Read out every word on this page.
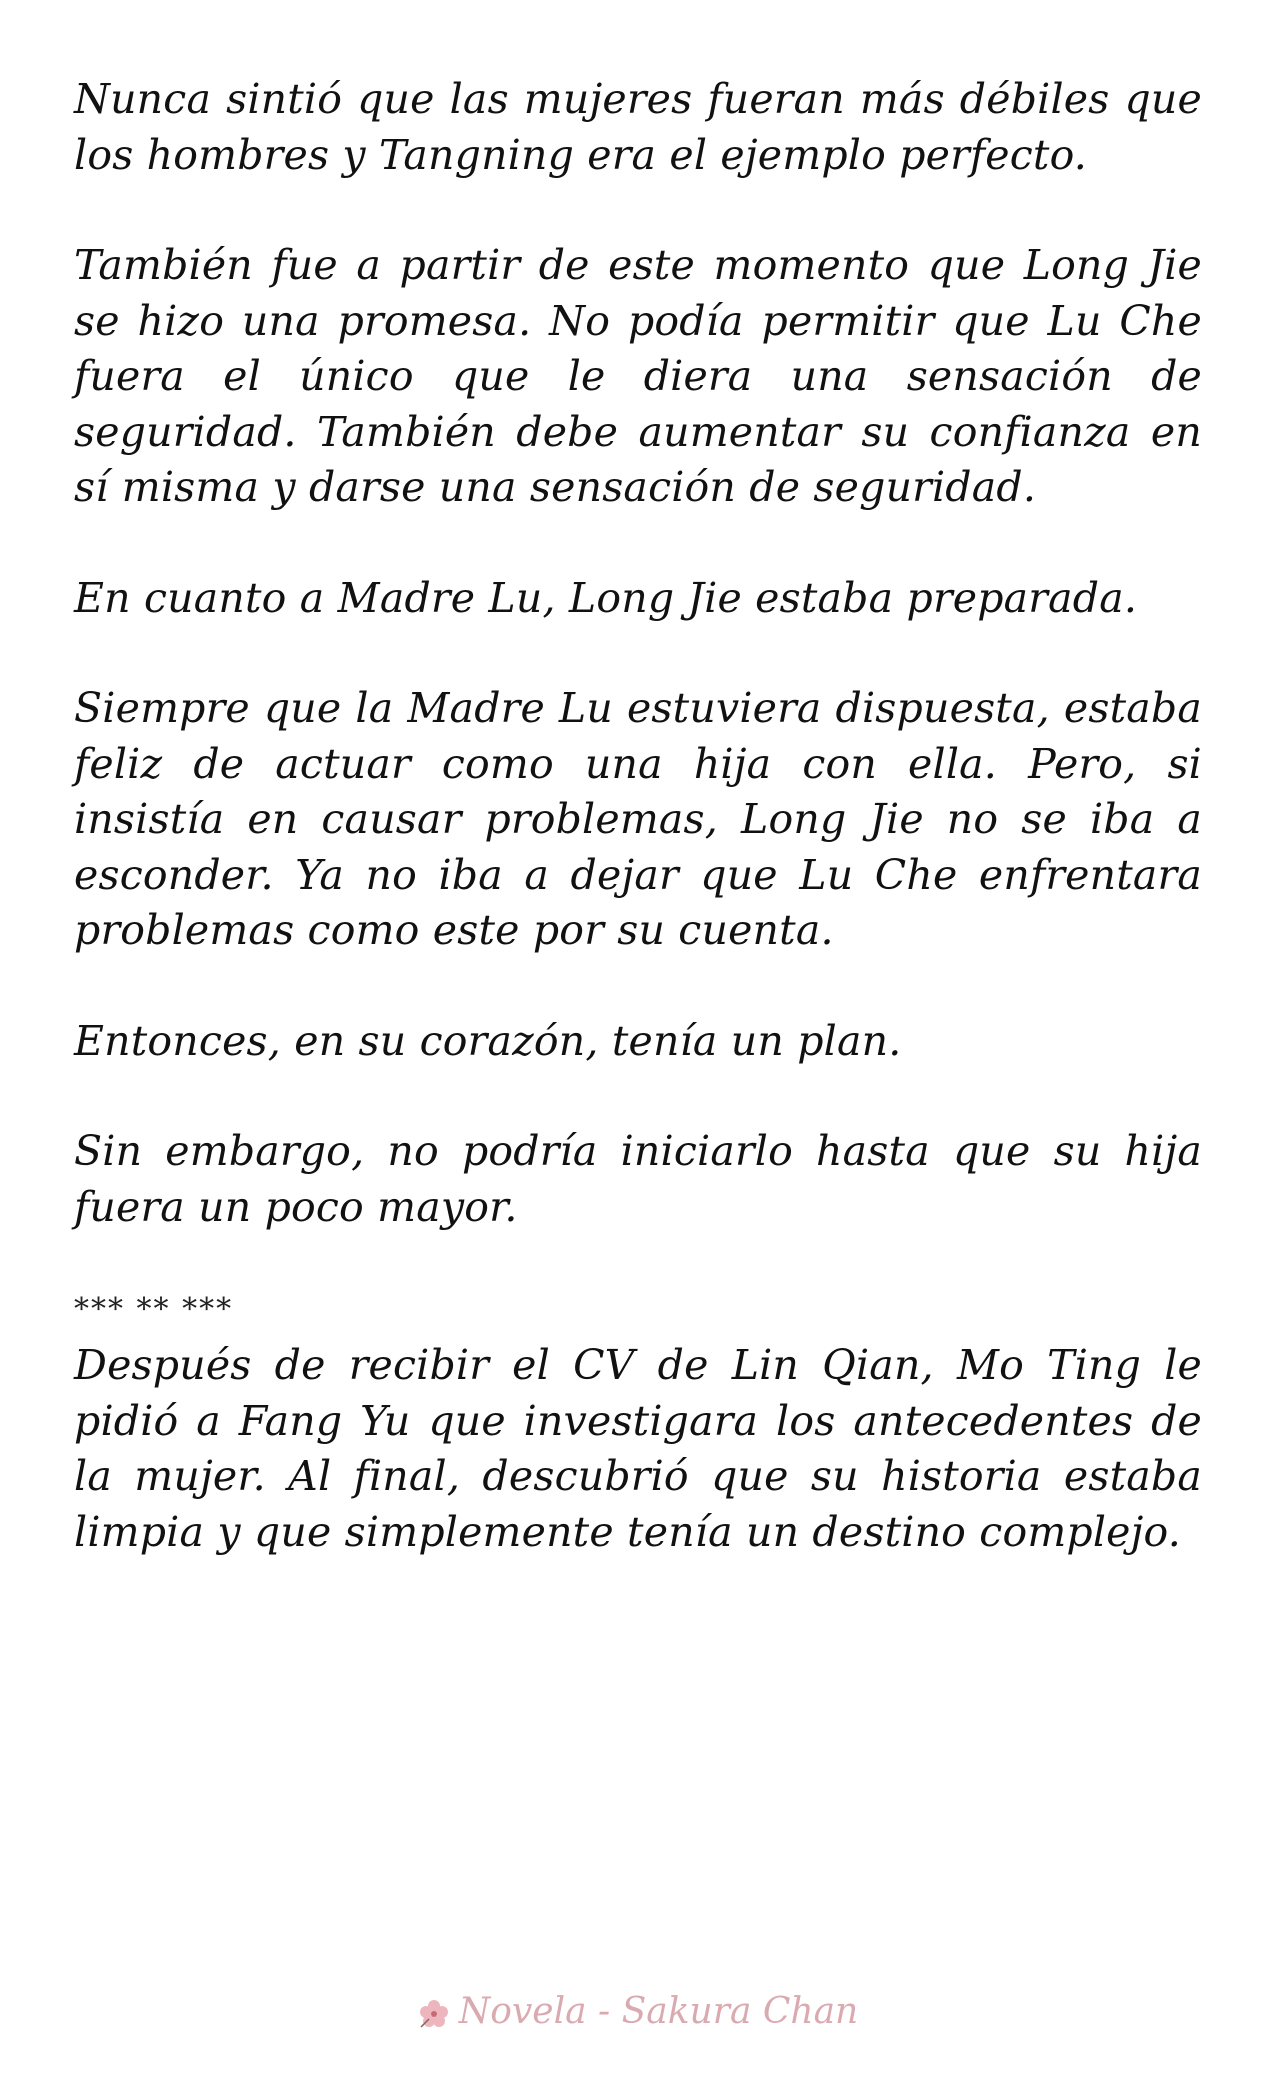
Nunca sintió que las mujeres fueran más débiles que los hombres y Tangning era el ejemplo perfecto.

También fue a partir de este momento que Long Jie se hizo una promesa. No podía permitir que Lu Che fuera el único que le diera una sensación de seguridad. También debe aumentar su confianza en sí misma y darse una sensación de seguridad.

En cuanto a Madre Lu, Long Jie estaba preparada.

Siempre que la Madre Lu estuviera dispuesta, estaba feliz de actuar como una hija con ella. Pero, si insistía en causar problemas, Long Jie no se iba a esconder. Ya no iba a dejar que Lu Che enfrentara problemas como este por su cuenta.

Entonces, en su corazón, tenía un plan.

Sin embargo, no podría iniciarlo hasta que su hija fuera un poco mayor.

*** ** ***

Después de recibir el CV de Lin Qian, Mo Ting le pidió a Fang Yu que investigara los antecedentes de la mujer. Al final, descubrió que su historia estaba limpia y que simplemente tenía un destino complejo.

Novela - Sakura Chan
